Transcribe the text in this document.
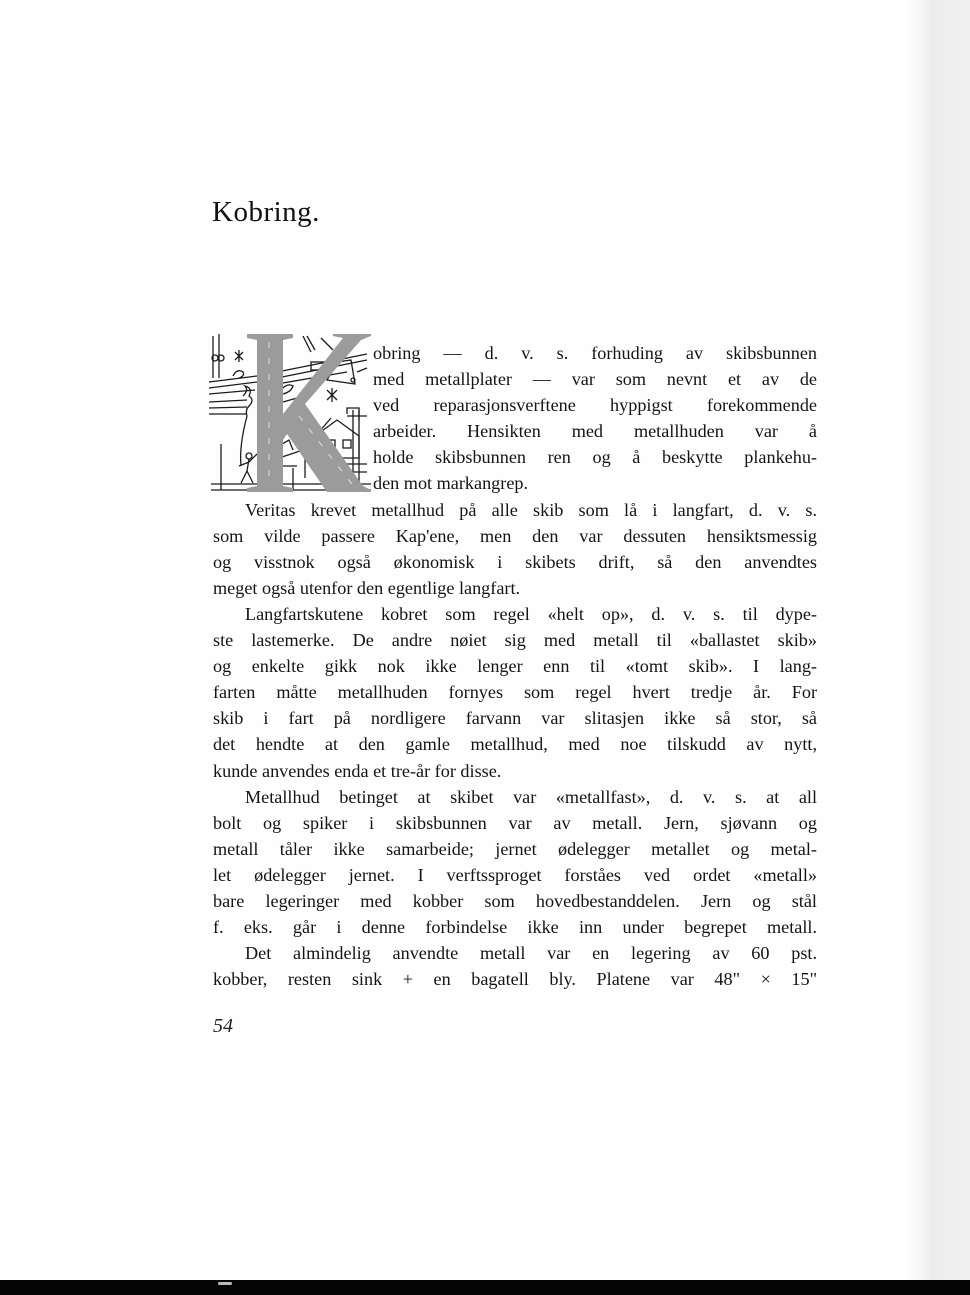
Kobring.
obring — d. v. s. forhuding av skibsbunnen
med metallplater — var som nevnt et av de
ved reparasjonsverftene hyppigst forekommende
arbeider. Hensikten med metallhuden var å
holde skibsbunnen ren og å beskytte plankehu-
den mot markangrep.
Veritas krevet metallhud på alle skib som lå i langfart, d. v. s.
som vilde passere Kap'ene, men den var dessuten hensiktsmessig
og visstnok også økonomisk i skibets drift, så den anvendtes
meget også utenfor den egentlige langfart.
Langfartskutene kobret som regel «helt op», d. v. s. til dype-
ste lastemerke. De andre nøiet sig med metall til «ballastet skib»
og enkelte gikk nok ikke lenger enn til «tomt skib». I lang-
farten måtte metallhuden fornyes som regel hvert tredje år. For
skib i fart på nordligere farvann var slitasjen ikke så stor, så
det hendte at den gamle metallhud, med noe tilskudd av nytt,
kunde anvendes enda et tre-år for disse.
Metallhud betinget at skibet var «metallfast», d. v. s. at all
bolt og spiker i skibsbunnen var av metall. Jern, sjøvann og
metall tåler ikke samarbeide; jernet ødelegger metallet og metal-
let ødelegger jernet. I verftssproget forståes ved ordet «metall»
bare legeringer med kobber som hovedbestanddelen. Jern og stål
f. eks. går i denne forbindelse ikke inn under begrepet metall.
Det almindelig anvendte metall var en legering av 60 pst.
kobber, resten sink + en bagatell bly. Platene var 48" × 15"
54
